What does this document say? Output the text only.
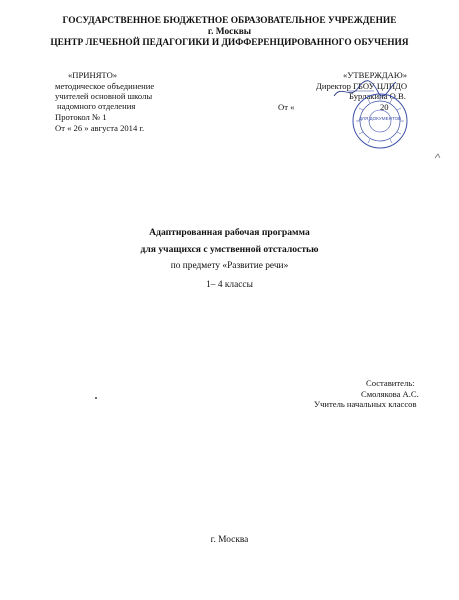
ГОСУДАРСТВЕННОЕ БЮДЖЕТНОЕ ОБРАЗОВАТЕЛЬНОЕ УЧРЕЖДЕНИЕ
г. Москвы
ЦЕНТР ЛЕЧЕБНОЙ ПЕДАГОГИКИ И ДИФФЕРЕНЦИРОВАННОГО ОБУЧЕНИЯ
«ПРИНЯТО»
методическое объединение
учителей основной школы
надомного отделения
Протокол № 1
От « 26 » августа 2014 г.
«УТВЕРЖДАЮ»
Директор ГБОУ ЦЛПДО
Бурлакина О.В.
От «	20
ДЛЯ ДОКУМЕНТОВ
Адаптированная рабочая программа
для учащихся с умственной отсталостью
по предмету «Развитие речи»
1– 4 классы
Составитель:
Смолякова А.С.
Учитель начальных классов
г. Москва
